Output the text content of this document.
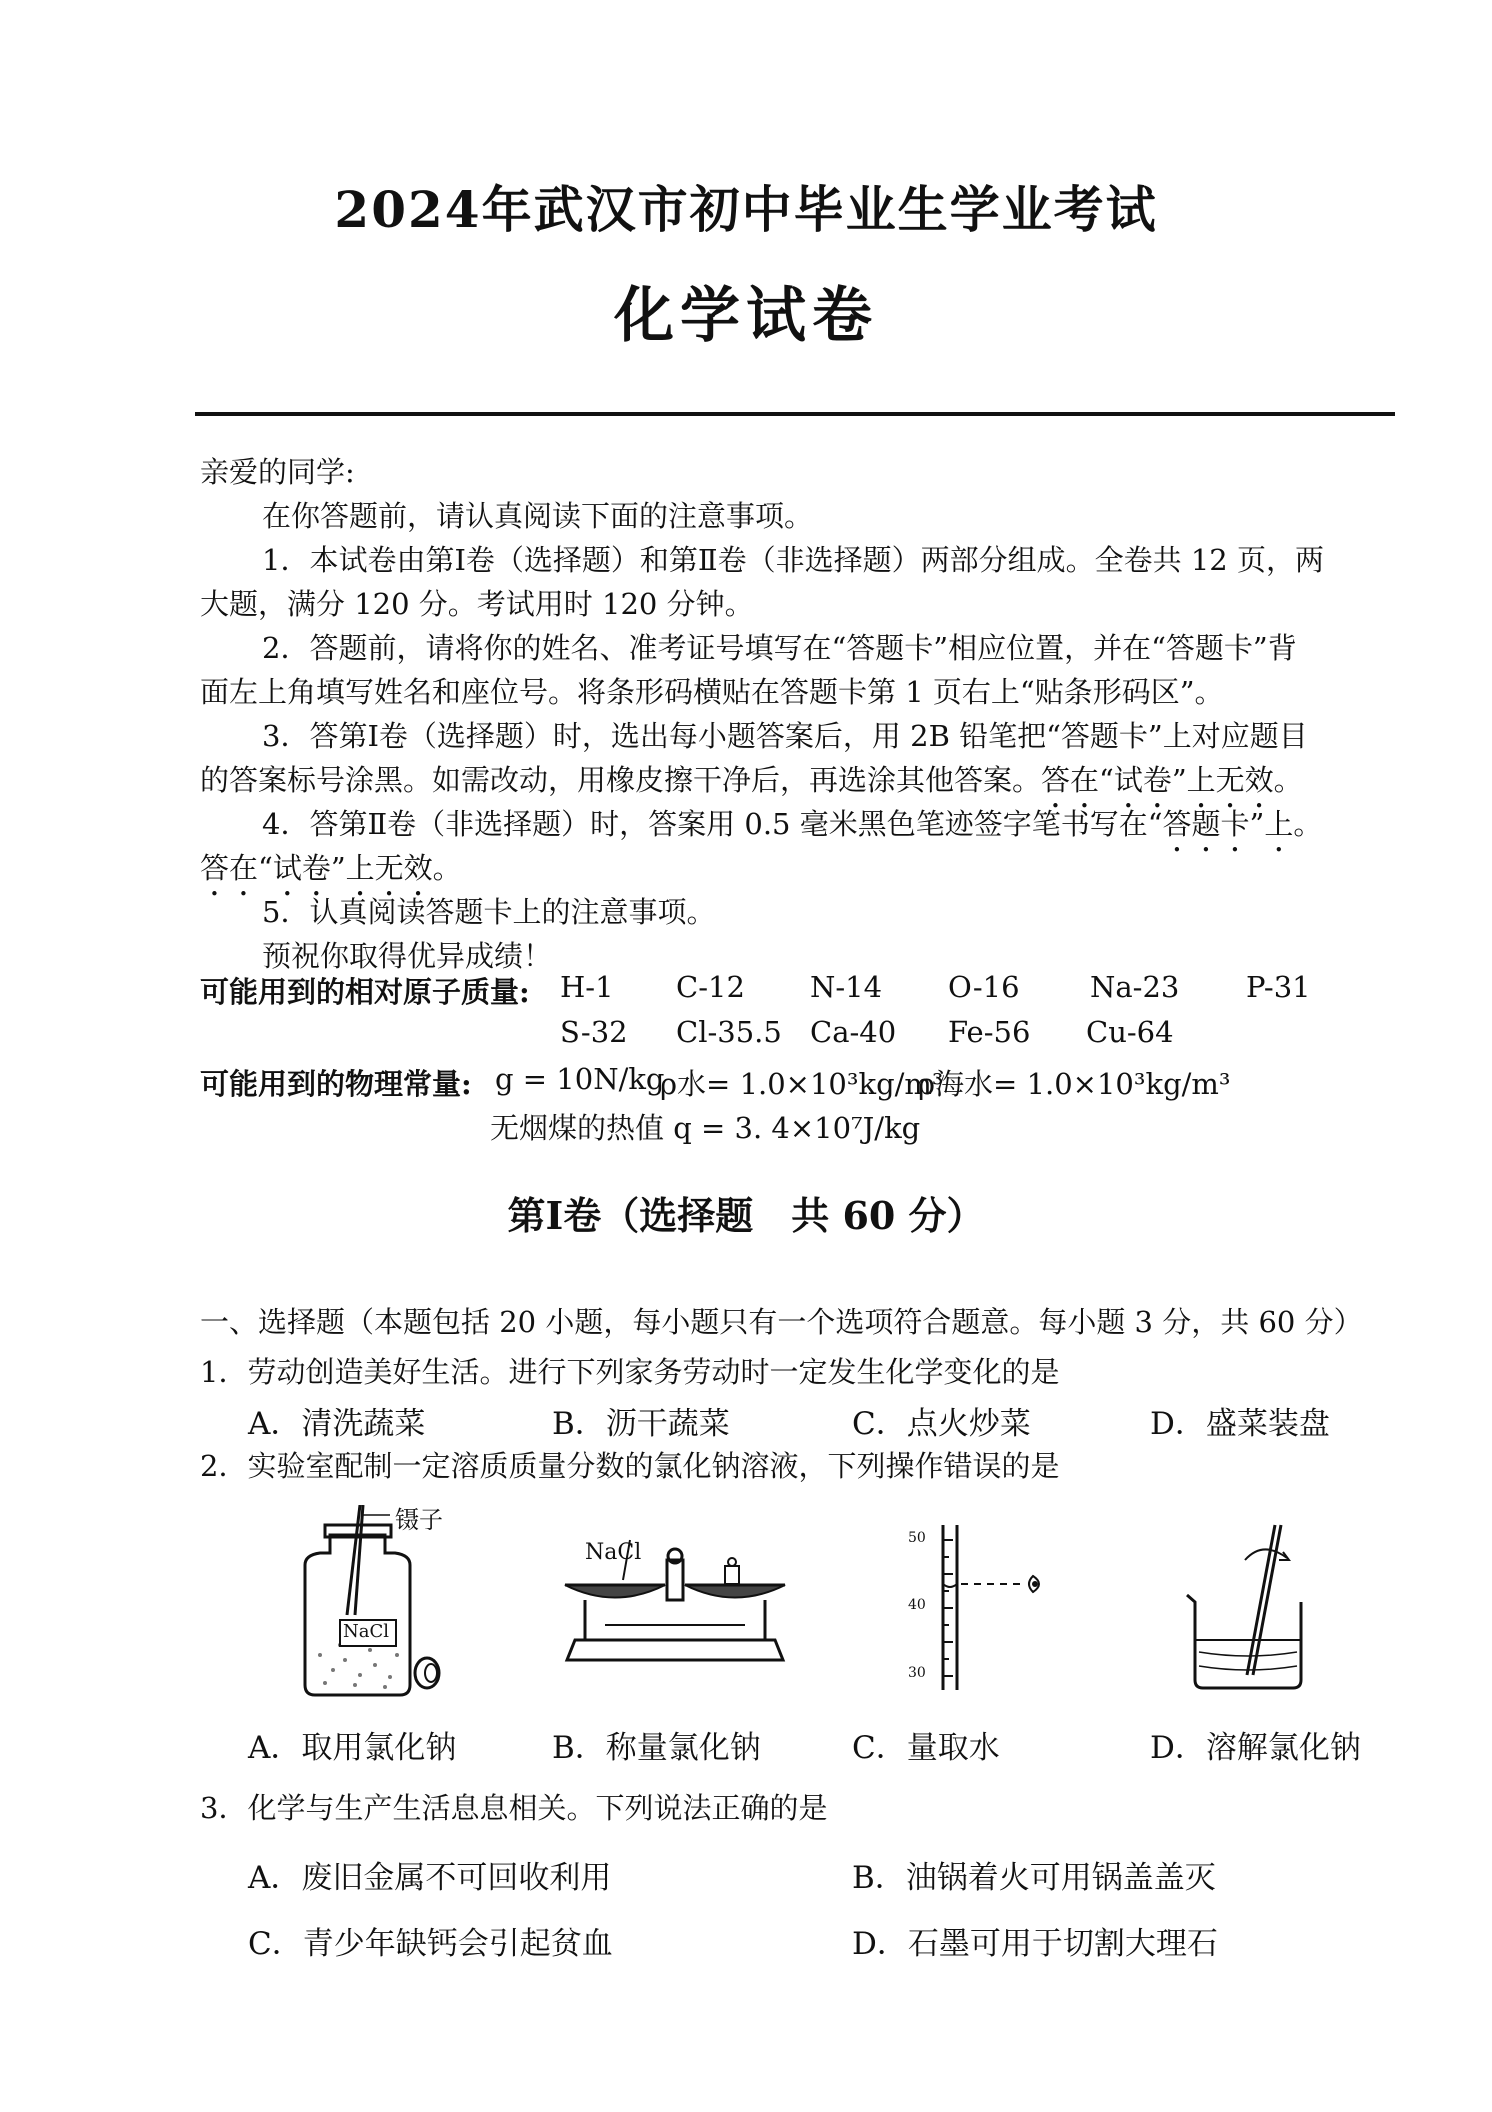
2024年武汉市初中毕业生学业考试
化学试卷
亲爱的同学:
在你答题前，请认真阅读下面的注意事项。
1．本试卷由第Ⅰ卷（选择题）和第Ⅱ卷（非选择题）两部分组成。全卷共 12 页，两
大题，满分 120 分。考试用时 120 分钟。
2．答题前，请将你的姓名、准考证号填写在“答题卡”相应位置，并在“答题卡”背
面左上角填写姓名和座位号。将条形码横贴在答题卡第 1 页右上“贴条形码区”。
3．答第Ⅰ卷（选择题）时，选出每小题答案后，用 2B 铅笔把“答题卡”上对应题目
的答案标号涂黑。如需改动，用橡皮擦干净后，再选涂其他答案。答在“试卷”上无效。
4．答第Ⅱ卷（非选择题）时，答案用 0.5 毫米黑色笔迹签字笔书写在“答题卡”上。
答在“试卷”上无效。
5．认真阅读答题卡上的注意事项。
预祝你取得优异成绩！
可能用到的相对原子质量: H-1 C-12 N-14 O-16 Na-23 P-31
S-32 Cl-35.5 Ca-40 Fe-56 Cu-64
可能用到的物理常量: g = 10N/kg
ρ水= 1.0×10³kg/m³
ρ海水= 1.0×10³kg/m³
无烟煤的热值 q = 3. 4×10⁷J/kg
第Ⅰ卷（选择题　共 60 分）
一、选择题（本题包括 20 小题，每小题只有一个选项符合题意。每小题 3 分，共 60 分）
1．劳动创造美好生活。进行下列家务劳动时一定发生化学变化的是
A．清洗蔬菜	B．沥干蔬菜	C．点火炒菜	D．盛菜装盘
2．实验室配制一定溶质质量分数的氯化钠溶液，下列操作错误的是
镊子
NaCl
NaCl
50
40
30
A．取用氯化钠	B．称量氯化钠	C．量取水	D．溶解氯化钠
3．化学与生产生活息息相关。下列说法正确的是
A．废旧金属不可回收利用	B．油锅着火可用锅盖盖灭
C．青少年缺钙会引起贫血	D．石墨可用于切割大理石
